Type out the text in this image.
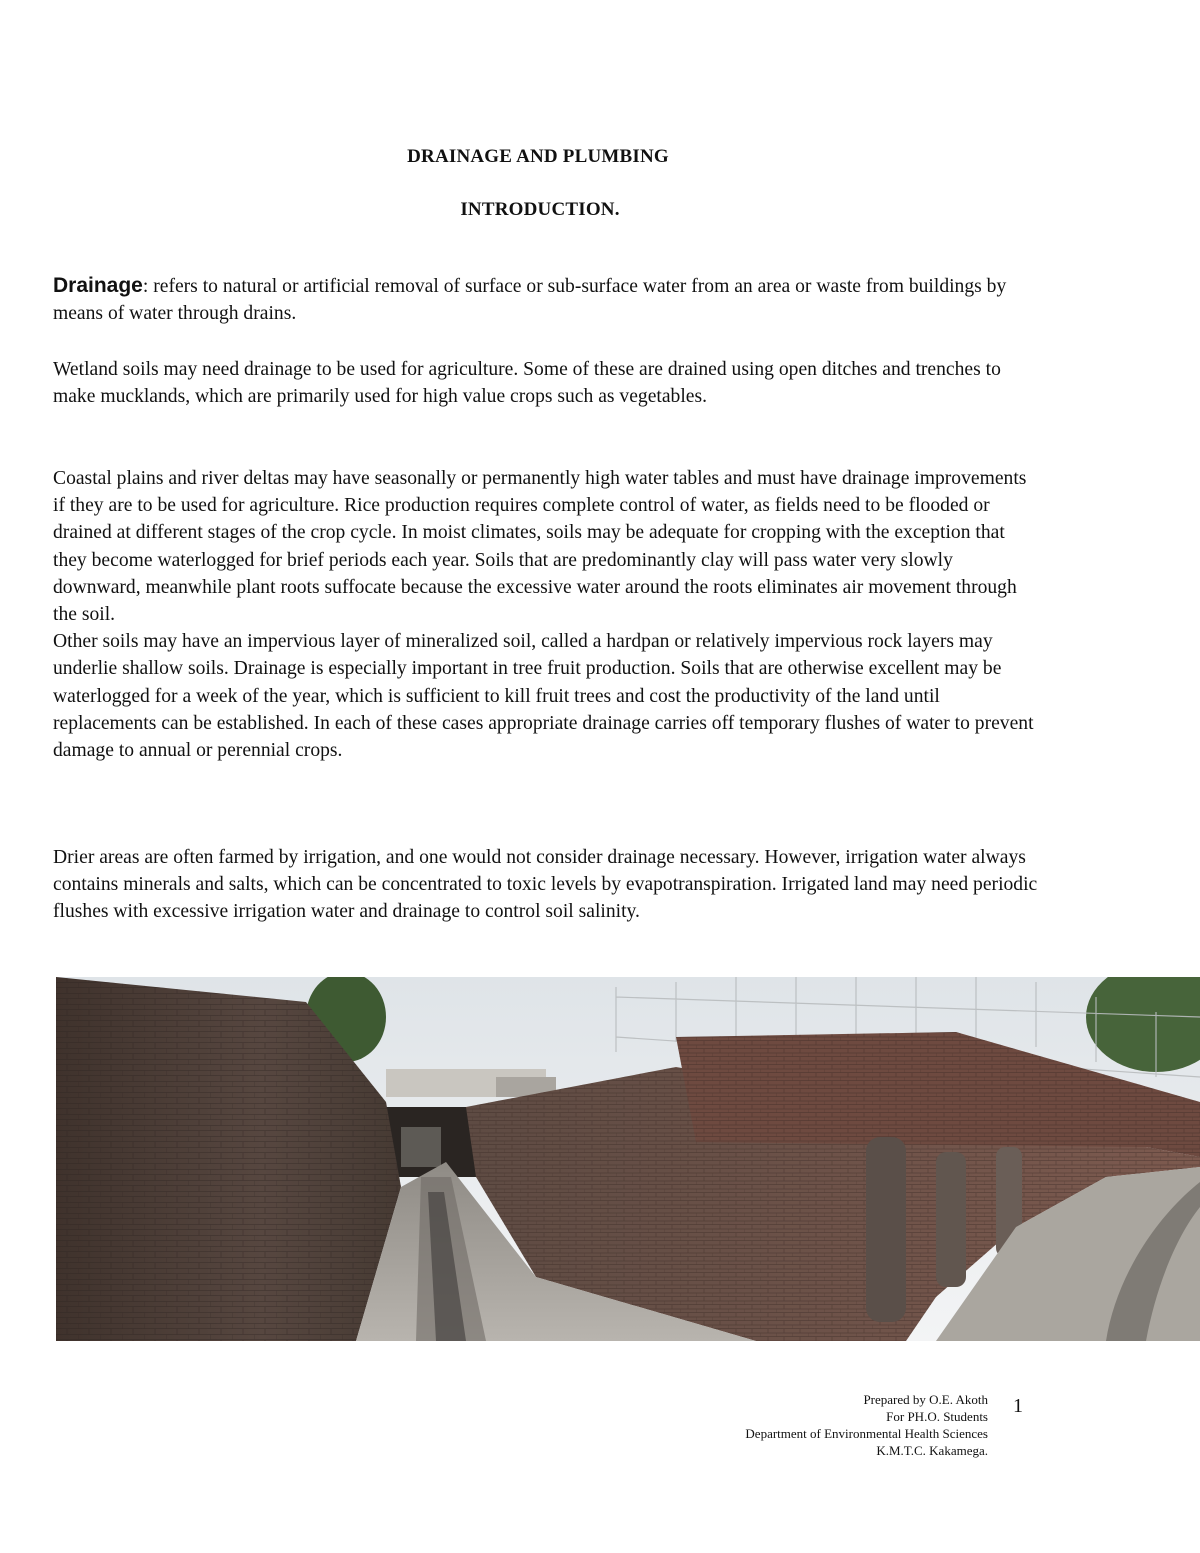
DRAINAGE AND PLUMBING
INTRODUCTION.

Drainage: refers to natural or artificial removal of surface or sub-surface water from an area or waste from buildings by means of water through drains.

Wetland soils may need drainage to be used for agriculture. Some of these are drained using open ditches and trenches to make mucklands, which are primarily used for high value crops such as vegetables.

Coastal plains and river deltas may have seasonally or permanently high water tables and must have drainage improvements if they are to be used for agriculture. Rice production requires complete control of water, as fields need to be flooded or drained at different stages of the crop cycle. In moist climates, soils may be adequate for cropping with the exception that they become waterlogged for brief periods each year. Soils that are predominantly clay will pass water very slowly downward, meanwhile plant roots suffocate because the excessive water around the roots eliminates air movement through the soil.
Other soils may have an impervious layer of mineralized soil, called a hardpan or relatively impervious rock layers may underlie shallow soils. Drainage is especially important in tree fruit production. Soils that are otherwise excellent may be waterlogged for a week of the year, which is sufficient to kill fruit trees and cost the productivity of the land until replacements can be established. In each of these cases appropriate drainage carries off temporary flushes of water to prevent damage to annual or perennial crops.

Drier areas are often farmed by irrigation, and one would not consider drainage necessary. However, irrigation water always contains minerals and salts, which can be concentrated to toxic levels by evapotranspiration. Irrigated land may need periodic flushes with excessive irrigation water and drainage to control soil salinity.

Prepared by O.E. Akoth
For PH.O. Students
Department of Environmental Health Sciences
K.M.T.C. Kakamega.
1
